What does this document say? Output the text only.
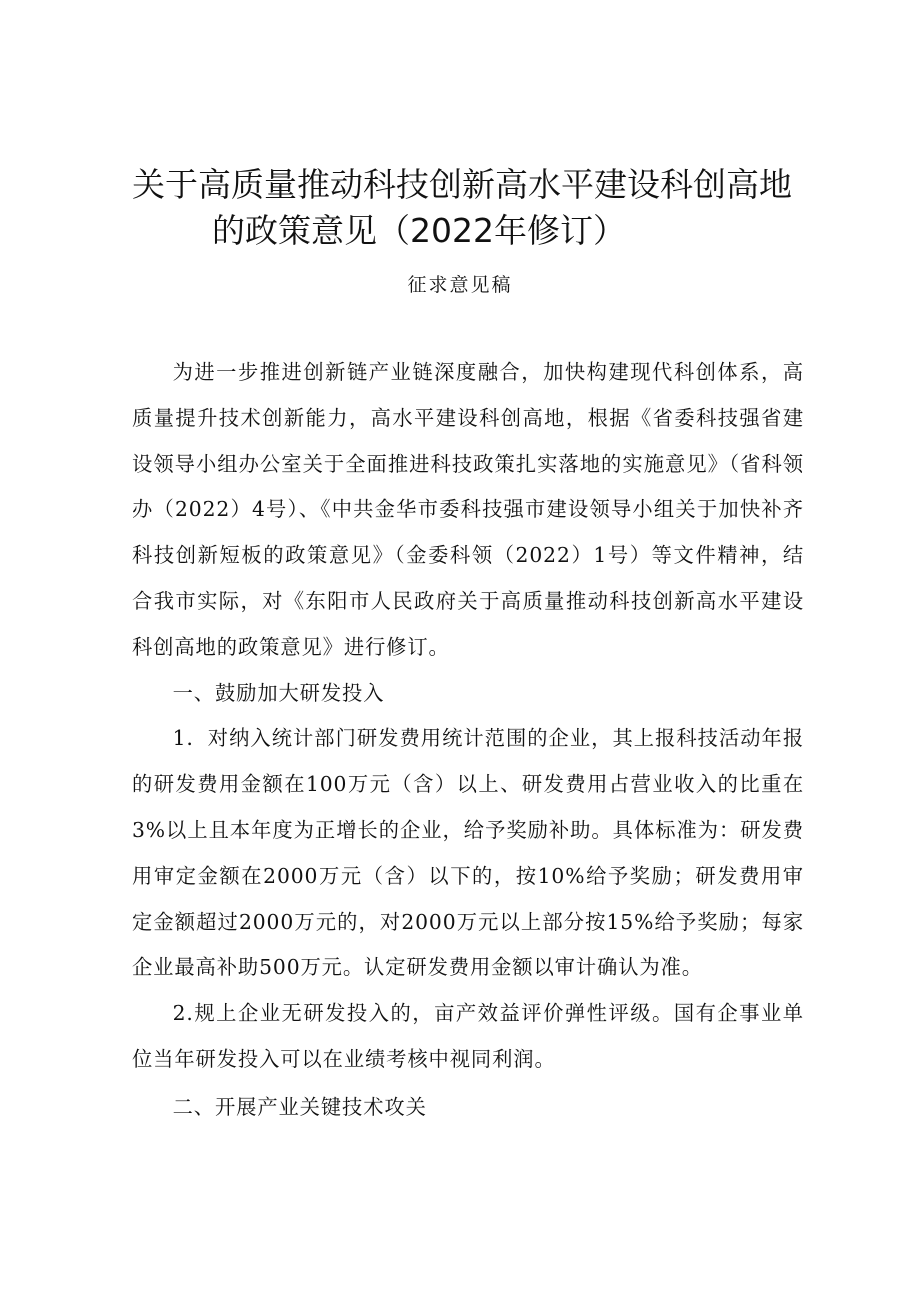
关于高质量推动科技创新高水平建设科创高地
的政策意见（2022年修订）

征求意见稿

为进一步推进创新链产业链深度融合，加快构建现代科创体系，高质量提升技术创新能力，高水平建设科创高地，根据《省委科技强省建设领导小组办公室关于全面推进科技政策扎实落地的实施意见》（省科领办（2022）4号）、《中共金华市委科技强市建设领导小组关于加快补齐科技创新短板的政策意见》（金委科领（2022）1号）等文件精神，结合我市实际，对《东阳市人民政府关于高质量推动科技创新高水平建设科创高地的政策意见》进行修订。

一、鼓励加大研发投入

1．对纳入统计部门研发费用统计范围的企业，其上报科技活动年报的研发费用金额在100万元（含）以上、研发费用占营业收入的比重在3%以上且本年度为正增长的企业，给予奖励补助。具体标准为：研发费用审定金额在2000万元（含）以下的，按10%给予奖励；研发费用审定金额超过2000万元的，对2000万元以上部分按15%给予奖励；每家企业最高补助500万元。认定研发费用金额以审计确认为准。

2.规上企业无研发投入的，亩产效益评价弹性评级。国有企事业单位当年研发投入可以在业绩考核中视同利润。

二、开展产业关键技术攻关
